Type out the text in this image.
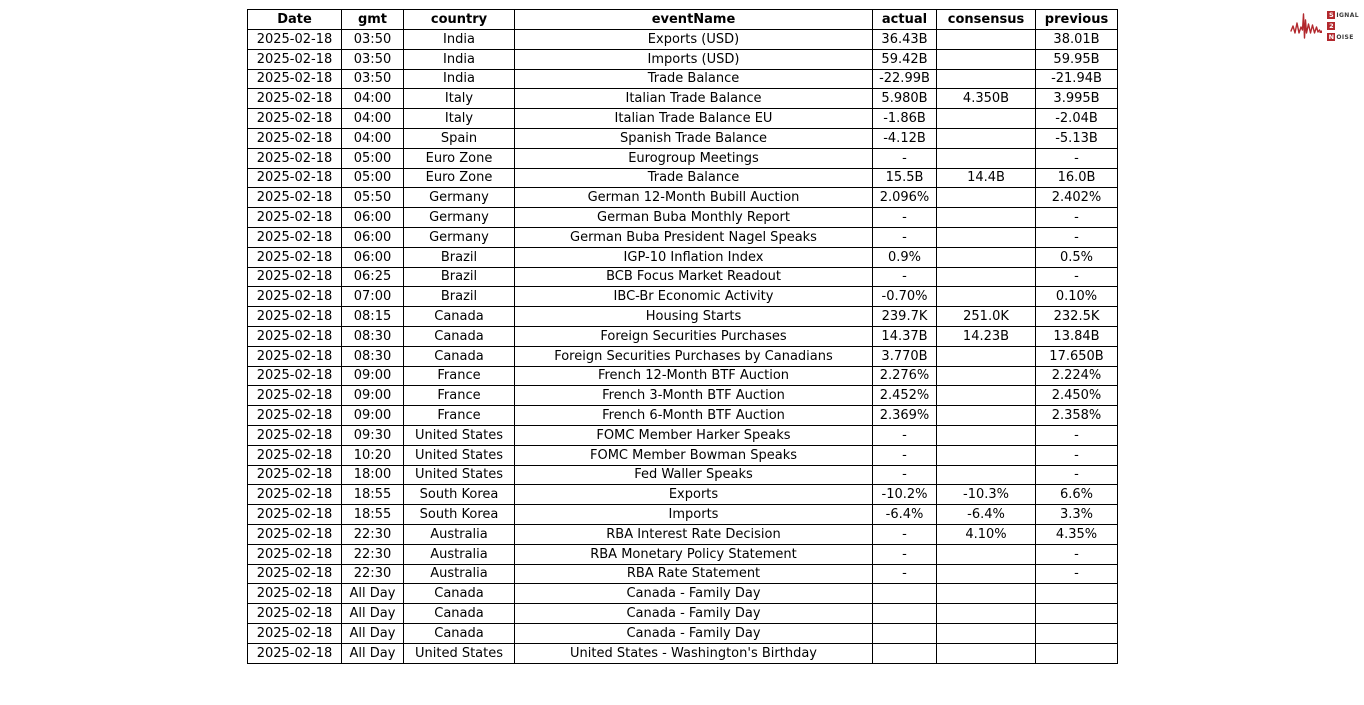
Date	gmt	country	eventName	actual	consensus	previous
2025-02-18	03:50	India	Exports (USD)	36.43B		38.01B
2025-02-18	03:50	India	Imports (USD)	59.42B		59.95B
2025-02-18	03:50	India	Trade Balance	-22.99B		-21.94B
2025-02-18	04:00	Italy	Italian Trade Balance	5.980B	4.350B	3.995B
2025-02-18	04:00	Italy	Italian Trade Balance EU	-1.86B		-2.04B
2025-02-18	04:00	Spain	Spanish Trade Balance	-4.12B		-5.13B
2025-02-18	05:00	Euro Zone	Eurogroup Meetings	-		-
2025-02-18	05:00	Euro Zone	Trade Balance	15.5B	14.4B	16.0B
2025-02-18	05:50	Germany	German 12-Month Bubill Auction	2.096%		2.402%
2025-02-18	06:00	Germany	German Buba Monthly Report	-		-
2025-02-18	06:00	Germany	German Buba President Nagel Speaks	-		-
2025-02-18	06:00	Brazil	IGP-10 Inflation Index	0.9%		0.5%
2025-02-18	06:25	Brazil	BCB Focus Market Readout	-		-
2025-02-18	07:00	Brazil	IBC-Br Economic Activity	-0.70%		0.10%
2025-02-18	08:15	Canada	Housing Starts	239.7K	251.0K	232.5K
2025-02-18	08:30	Canada	Foreign Securities Purchases	14.37B	14.23B	13.84B
2025-02-18	08:30	Canada	Foreign Securities Purchases by Canadians	3.770B		17.650B
2025-02-18	09:00	France	French 12-Month BTF Auction	2.276%		2.224%
2025-02-18	09:00	France	French 3-Month BTF Auction	2.452%		2.450%
2025-02-18	09:00	France	French 6-Month BTF Auction	2.369%		2.358%
2025-02-18	09:30	United States	FOMC Member Harker Speaks	-		-
2025-02-18	10:20	United States	FOMC Member Bowman Speaks	-		-
2025-02-18	18:00	United States	Fed Waller Speaks	-		-
2025-02-18	18:55	South Korea	Exports	-10.2%	-10.3%	6.6%
2025-02-18	18:55	South Korea	Imports	-6.4%	-6.4%	3.3%
2025-02-18	22:30	Australia	RBA Interest Rate Decision	-	4.10%	4.35%
2025-02-18	22:30	Australia	RBA Monetary Policy Statement	-		-
2025-02-18	22:30	Australia	RBA Rate Statement	-		-
2025-02-18	All Day	Canada	Canada - Family Day			
2025-02-18	All Day	Canada	Canada - Family Day			
2025-02-18	All Day	Canada	Canada - Family Day			
2025-02-18	All Day	United States	United States - Washington's Birthday			
S IGNAL
2
N OISE
